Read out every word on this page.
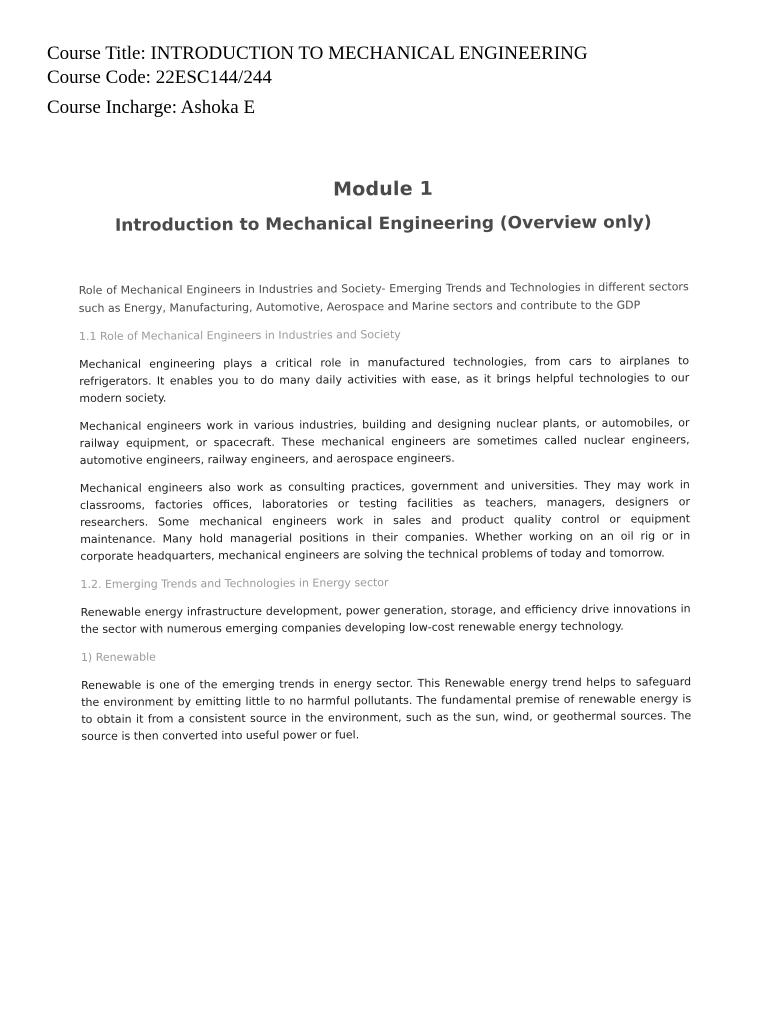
Course Title: INTRODUCTION TO MECHANICAL ENGINEERING
Course Code: 22ESC144/244
Course Incharge: Ashoka E
Module 1
Introduction to Mechanical Engineering (Overview only)

Role of Mechanical Engineers in Industries and Society- Emerging Trends and Technologies in different sectors such as Energy, Manufacturing, Automotive, Aerospace and Marine sectors and contribute to the GDP

1.1 Role of Mechanical Engineers in Industries and Society

Mechanical engineering plays a critical role in manufactured technologies, from cars to airplanes to refrigerators. It enables you to do many daily activities with ease, as it brings helpful technologies to our modern society.

Mechanical engineers work in various industries, building and designing nuclear plants, or automobiles, or railway equipment, or spacecraft. These mechanical engineers are sometimes called nuclear engineers, automotive engineers, railway engineers, and aerospace engineers.

Mechanical engineers also work as consulting practices, government and universities. They may work in classrooms, factories offices, laboratories or testing facilities as teachers, managers, designers or researchers. Some mechanical engineers work in sales and product quality control or equipment maintenance. Many hold managerial positions in their companies. Whether working on an oil rig or in corporate headquarters, mechanical engineers are solving the technical problems of today and tomorrow.

1.2. Emerging Trends and Technologies in Energy sector

Renewable energy infrastructure development, power generation, storage, and efficiency drive innovations in the sector with numerous emerging companies developing low-cost renewable energy technology.

1) Renewable

Renewable is one of the emerging trends in energy sector. This Renewable energy trend helps to safeguard the environment by emitting little to no harmful pollutants. The fundamental premise of renewable energy is to obtain it from a consistent source in the environment, such as the sun, wind, or geothermal sources. The source is then converted into useful power or fuel.
